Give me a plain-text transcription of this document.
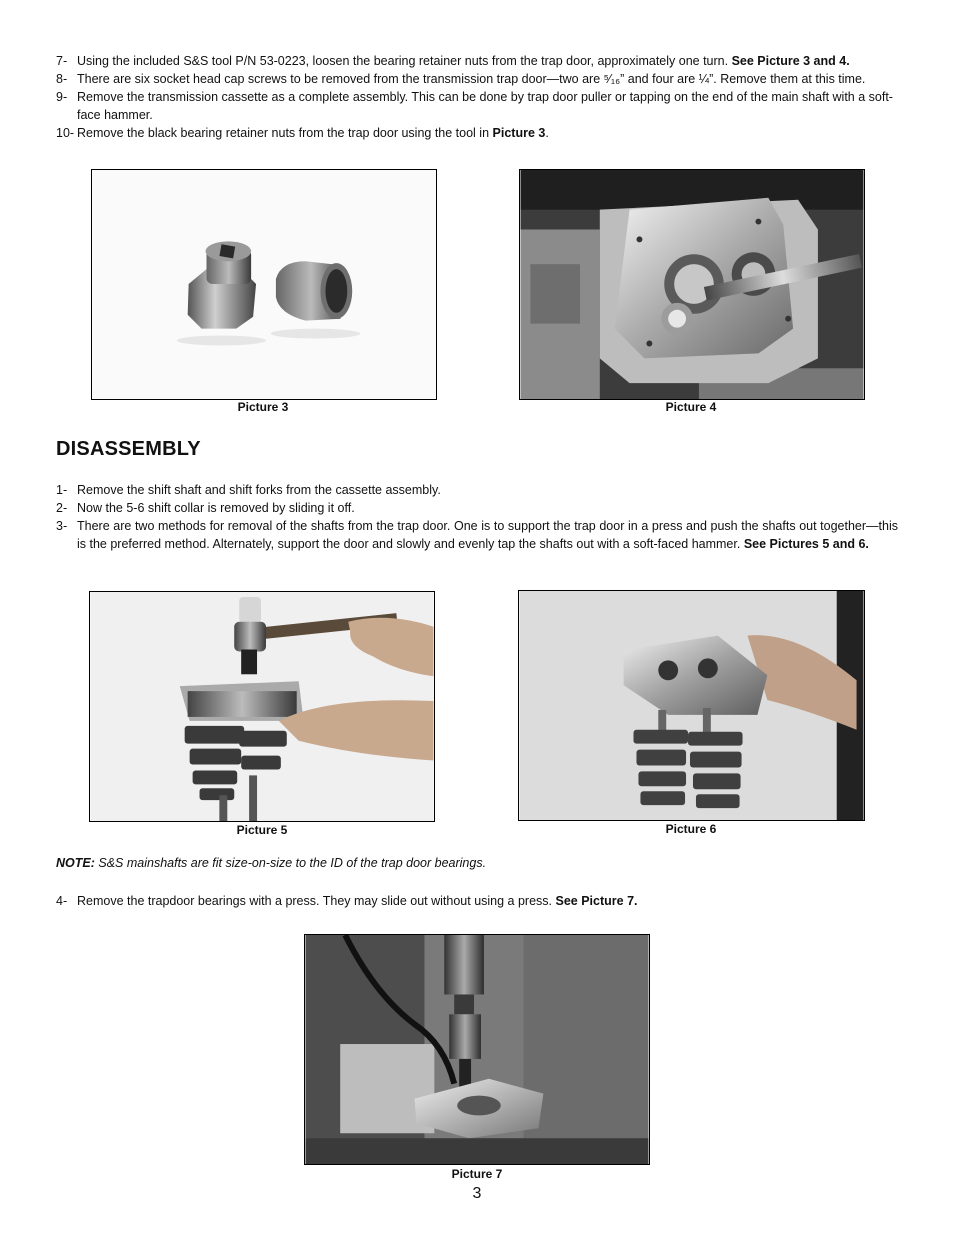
7- Using the included S&S tool P/N 53-0223, loosen the bearing retainer nuts from the trap door, approximately one turn. See Picture 3 and 4.
8- There are six socket head cap screws to be removed from the transmission trap door—two are ⁵⁄₁₆” and four are ¼”. Remove them at this time.
9- Remove the transmission cassette as a complete assembly. This can be done by trap door puller or tapping on the end of the main shaft with a soft-face hammer.
10- Remove the black bearing retainer nuts from the trap door using the tool in Picture 3.
Picture 3	Picture 4
DISASSEMBLY
1- Remove the shift shaft and shift forks from the cassette assembly.
2- Now the 5-6 shift collar is removed by sliding it off.
3- There are two methods for removal of the shafts from the trap door. One is to support the trap door in a press and push the shafts out together—this is the preferred method. Alternately, support the door and slowly and evenly tap the shafts out with a soft-faced hammer. See Pictures 5 and 6.
Picture 5	Picture 6
NOTE: S&S mainshafts are fit size-on-size to the ID of the trap door bearings.
4- Remove the trapdoor bearings with a press. They may slide out without using a press. See Picture 7.
Picture 7
3
